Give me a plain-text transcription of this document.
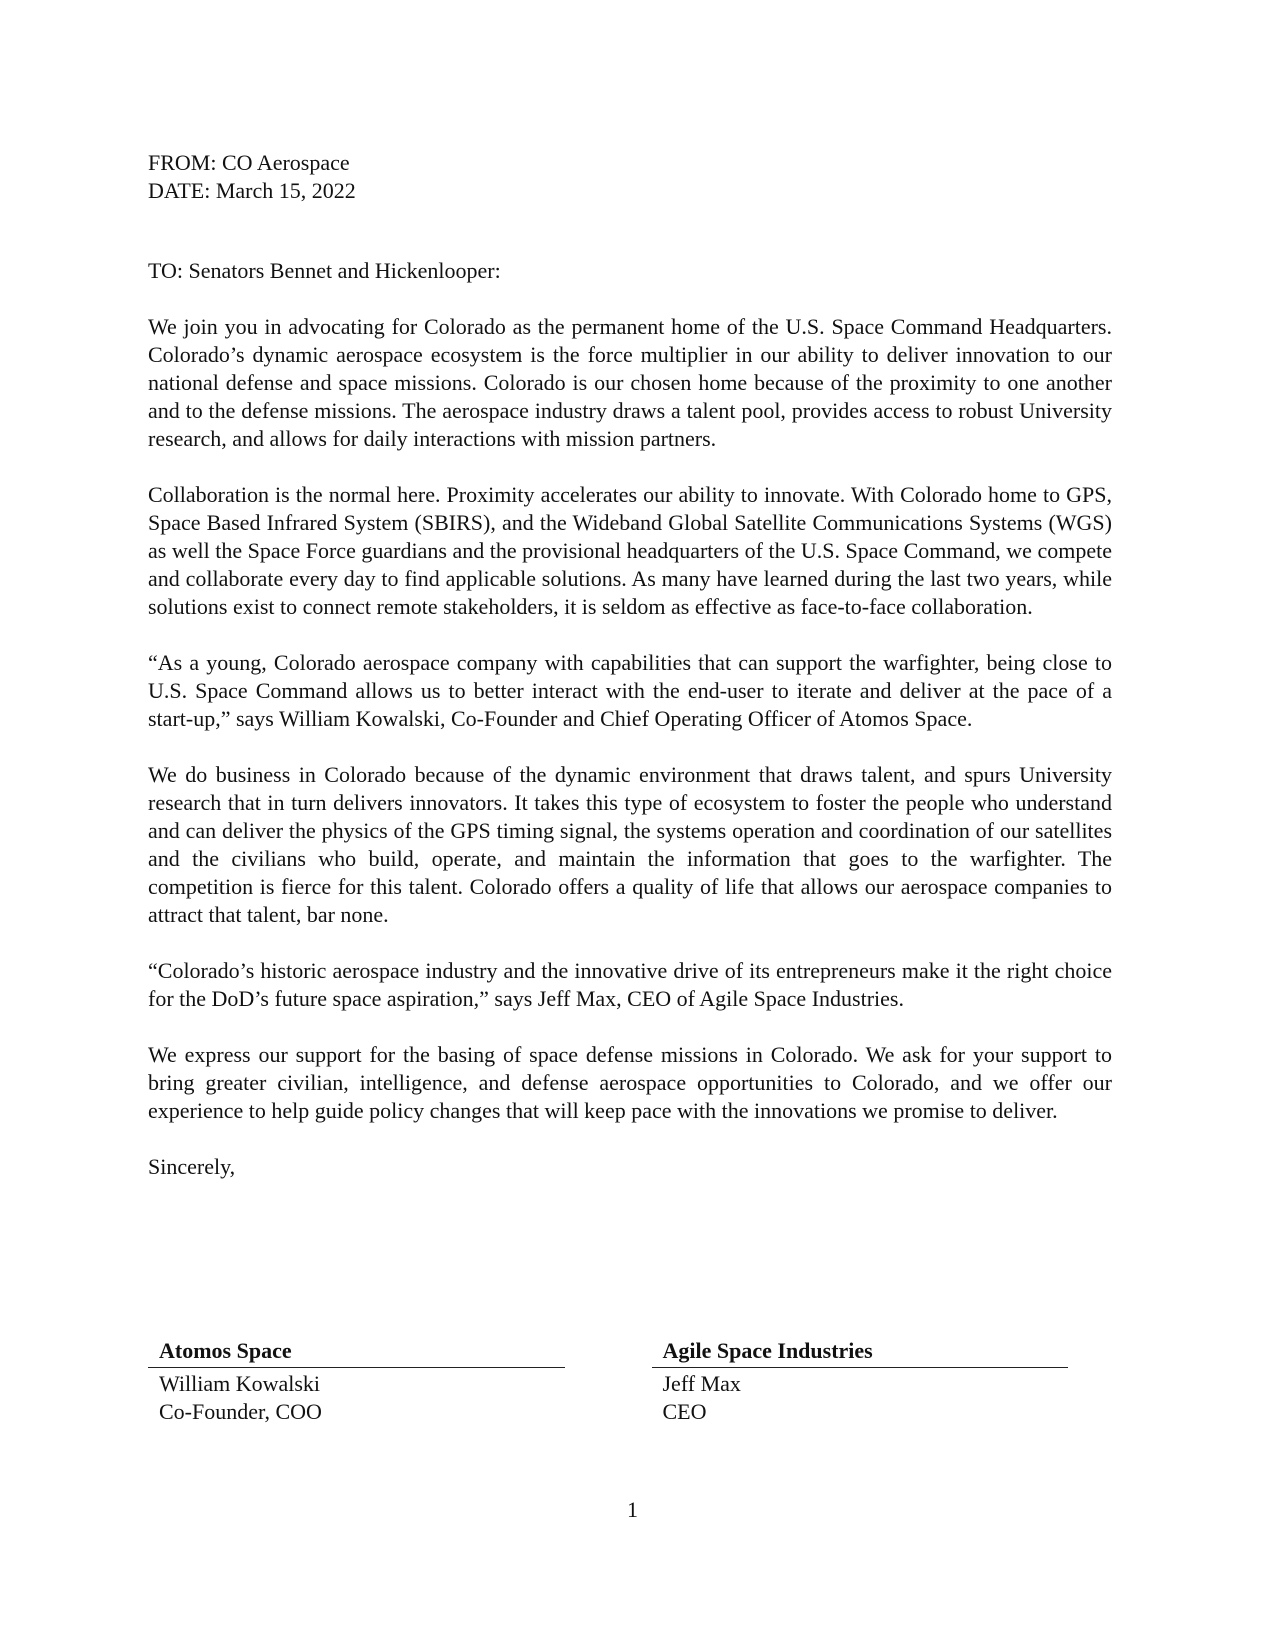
FROM: CO Aerospace

DATE: March 15, 2022

TO: Senators Bennet and Hickenlooper:

We join you in advocating for Colorado as the permanent home of the U.S. Space Command Headquarters. Colorado’s dynamic aerospace ecosystem is the force multiplier in our ability to deliver innovation to our national defense and space missions. Colorado is our chosen home because of the proximity to one another and to the defense missions. The aerospace industry draws a talent pool, provides access to robust University research, and allows for daily interactions with mission partners.

Collaboration is the normal here. Proximity accelerates our ability to innovate. With Colorado home to GPS, Space Based Infrared System (SBIRS), and the Wideband Global Satellite Communications Systems (WGS) as well the Space Force guardians and the provisional headquarters of the U.S. Space Command, we compete and collaborate every day to find applicable solutions. As many have learned during the last two years, while solutions exist to connect remote stakeholders, it is seldom as effective as face-to-face collaboration.

“As a young, Colorado aerospace company with capabilities that can support the warfighter, being close to U.S. Space Command allows us to better interact with the end-user to iterate and deliver at the pace of a start-up,” says William Kowalski, Co-Founder and Chief Operating Officer of Atomos Space.

We do business in Colorado because of the dynamic environment that draws talent, and spurs University research that in turn delivers innovators. It takes this type of ecosystem to foster the people who understand and can deliver the physics of the GPS timing signal, the systems operation and coordination of our satellites and the civilians who build, operate, and maintain the information that goes to the warfighter. The competition is fierce for this talent. Colorado offers a quality of life that allows our aerospace companies to attract that talent, bar none.

“Colorado’s historic aerospace industry and the innovative drive of its entrepreneurs make it the right choice for the DoD’s future space aspiration,” says Jeff Max, CEO of Agile Space Industries.

We express our support for the basing of space defense missions in Colorado. We ask for your support to bring greater civilian, intelligence, and defense aerospace opportunities to Colorado, and we offer our experience to help guide policy changes that will keep pace with the innovations we promise to deliver.

Sincerely,

Atomos Space
William Kowalski
Co-Founder, COO
Agile Space Industries
Jeff Max
CEO
1
